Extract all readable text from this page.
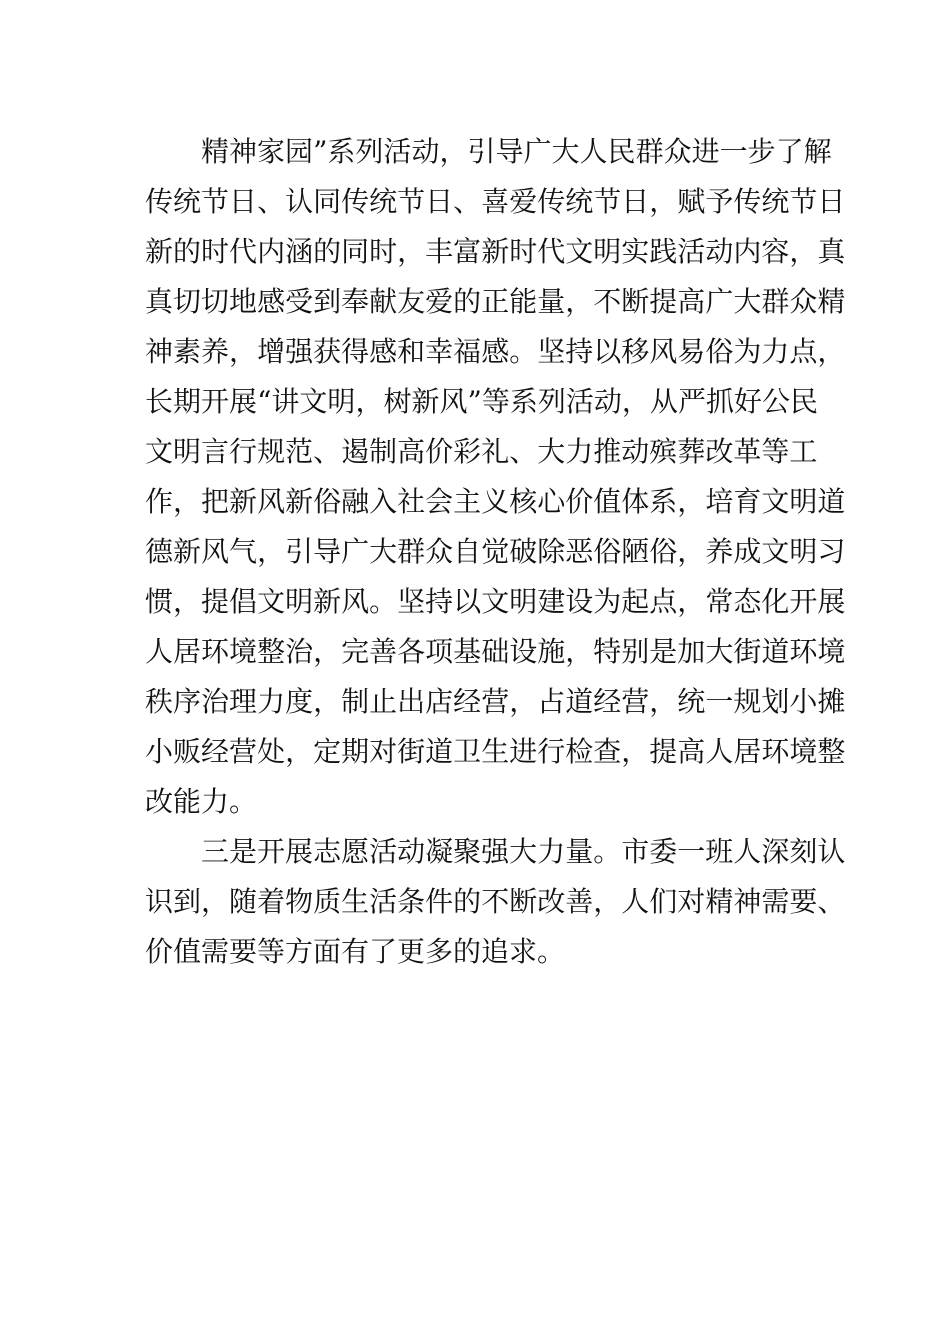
精 神 家 园 ” 系 列 活 动 ， 引 导 广 大 人 民 群 众 进 一 步 了 解
传 统 节 日 、 认 同 传 统 节 日 、 喜 爱 传 统 节 日 ， 赋 予 传 统 节 日
新 的 时 代 内 涵 的 同 时 ， 丰 富 新 时 代 文 明 实 践 活 动 内 容 ， 真
真 切 切 地 感 受 到 奉 献 友 爱 的 正 能 量 ， 不 断 提 高 广 大 群 众 精
神 素 养 ， 增 强 获 得 感 和 幸 福 感 。 坚 持 以 移 风 易 俗 为 力 点 ，
长 期 开 展 “ 讲 文 明 ， 树 新 风 ” 等 系 列 活 动 ， 从 严 抓 好 公 民
文 明 言 行 规 范 、 遏 制 高 价 彩 礼 、 大 力 推 动 殡 葬 改 革 等 工
作 ， 把 新 风 新 俗 融 入 社 会 主 义 核 心 价 值 体 系 ， 培 育 文 明 道
德 新 风 气 ， 引 导 广 大 群 众 自 觉 破 除 恶 俗 陋 俗 ， 养 成 文 明 习
惯 ， 提 倡 文 明 新 风 。 坚 持 以 文 明 建 设 为 起 点 ， 常 态 化 开 展
人 居 环 境 整 治 ， 完 善 各 项 基 础 设 施 ， 特 别 是 加 大 街 道 环 境
秩 序 治 理 力 度 ， 制 止 出 店 经 营 ， 占 道 经 营 ， 统 一 规 划 小 摊
小 贩 经 营 处 ， 定 期 对 街 道 卫 生 进 行 检 查 ， 提 高 人 居 环 境 整
改能力。
三 是 开 展 志 愿 活 动 凝 聚 强 大 力 量 。 市 委 一 班 人 深 刻 认
识 到 ， 随 着 物 质 生 活 条 件 的 不 断 改 善 ， 人 们 对 精 神 需 要 、
价值需要等方面有了更多的追求。
